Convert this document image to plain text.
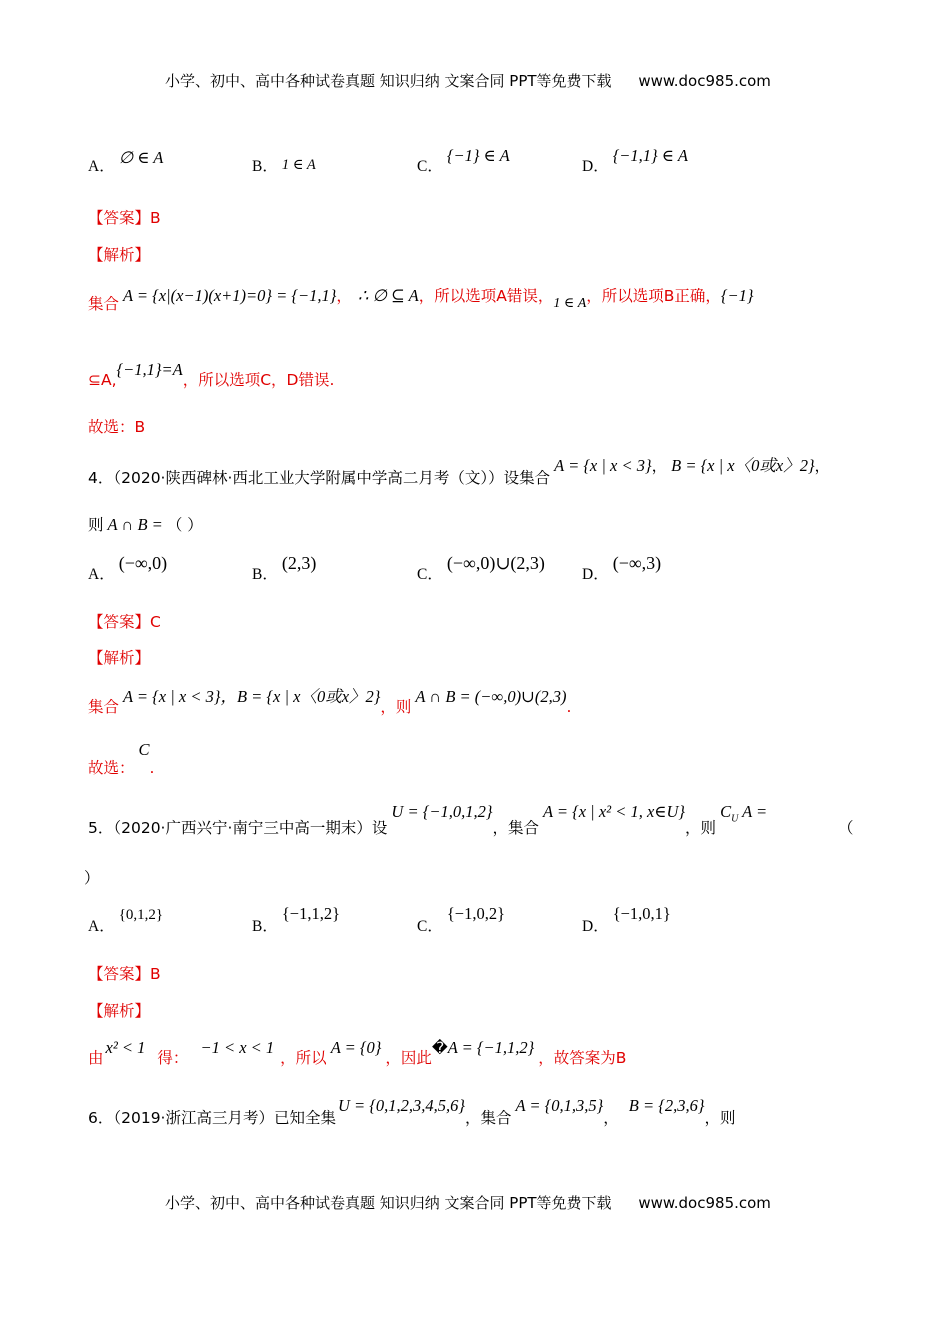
小学、初中、高中各种试卷真题 知识归纳 文案合同 PPT等免费下载 www.doc985.com
A． ∅ ∈ A	B． 1 ∈ A	C．{−1} ∈ A
D．{−1,1} ∈ A
【答案】B
【解析】
集合 A = {x|(x−1)(x+1)=0} = {−1,1}， ∴ ∅ ⊆ A，所以选项A错误，1 ∈ A，所以选项B正确，{−1}
⊆A,{−1,1}=A，所以选项C，D错误.
故选：B
4．（2020·陕西碑林·西北工业大学附属中学高二月考（文））设集合A = {x | x < 3}， B = {x | x〈0或x〉2}，
则 A ∩ B = （ ）
A．(−∞,0)
B．(2,3)
C．(−∞,0)∪(2,3)
D．(−∞,3)
【答案】C
【解析】
集合A = {x | x < 3}，B = {x | x〈0或x〉2}，则A ∩ B = (−∞,0)∪(2,3).
故选：C.
5．（2020·广西兴宁·南宁三中高一期末）设U = {−1,0,1,2}，集合A = {x | x² < 1, x∈U}，则$C_U$ A =
（
）
A．{0,1,2}
B．{−1,1,2}
C．{−1,0,2}
D．{−1,0,1}
【答案】B
【解析】
由x² < 1得：−1 < x < 1，所以A = {0}，因此�A = {−1,1,2}，故答案为B
6．（2019·浙江高三月考）已知全集U = {0,1,2,3,4,5,6}，集合A = {0,1,3,5}，B = {2,3,6}，则
小学、初中、高中各种试卷真题 知识归纳 文案合同 PPT等免费下载 www.doc985.com
